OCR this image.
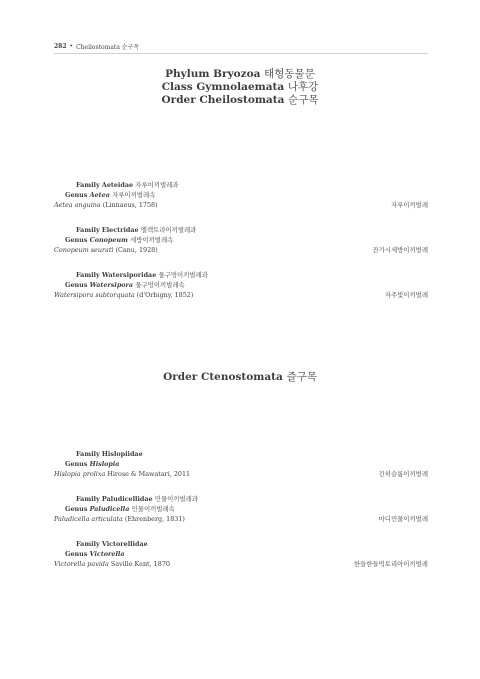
282 • Cheilostomata 순구목
Phylum Bryozoa 태형동물문
Class Gymnolaemata 나후강
Order Cheilostomata 순구목
Family Aeteidae 자루이끼벌레과
Genus Aetea 자루이끼벌레속
Aetea anguina (Linnaeus, 1758)	자루이끼벌레
Family Electridae 엘렉트라이끼벌레과
Genus Conopeum 세방이끼벌레속
Conopeum seurati (Canu, 1928)	잔가시세방이끼벌레
Family Watersiporidae 물구멍이끼벌레과
Genus Watersipora 물구멍이끼벌레속
Watersipora subtorquata (d'Orbigny, 1852)	자주빛이끼벌레
Order Ctenostomata 즐구목
Family Hislopiidae
Genus Hislopia
Hislopia prolixa Hirose & Mawatari, 2011	긴히슬롭이끼벌레
Family Paludicellidae 민물이끼벌레과
Genus Paludicella 민물이끼벌레속
Paludicella articulata (Ehrenberg, 1831)	마디민물이끼벌레
Family Victorellidae
Genus Victorella
Victorella pavida Saville Kent, 1870	한들한들빅토리아이끼벌레
